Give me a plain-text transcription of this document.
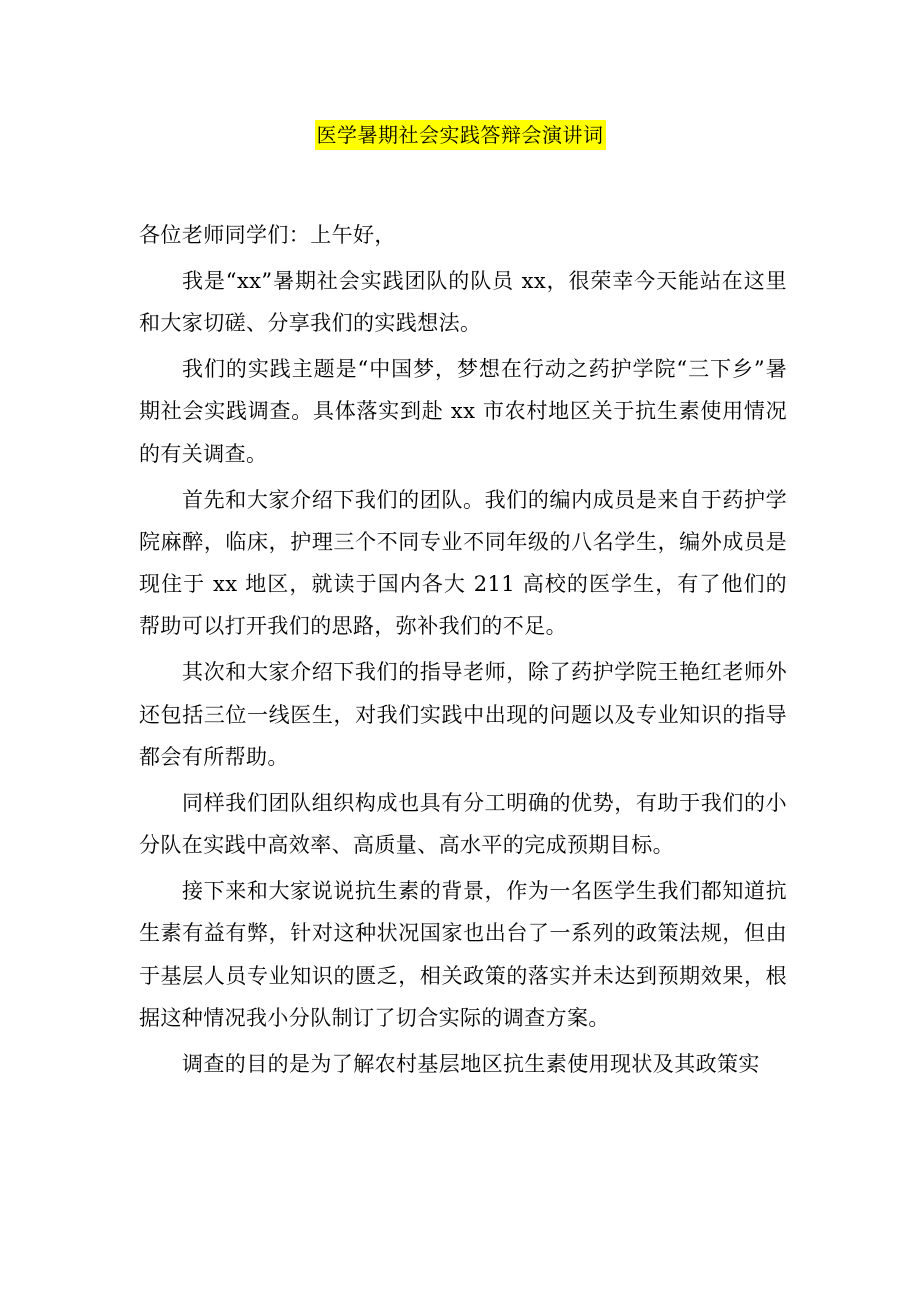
医学暑期社会实践答辩会演讲词

各位老师同学们：上午好，

我是“xx”暑期社会实践团队的队员 xx，很荣幸今天能站在这里和大家切磋、分享我们的实践想法。

我们的实践主题是“中国梦，梦想在行动之药护学院“三下乡”暑期社会实践调查。具体落实到赴 xx 市农村地区关于抗生素使用情况的有关调查。

首先和大家介绍下我们的团队。我们的编内成员是来自于药护学院麻醉，临床，护理三个不同专业不同年级的八名学生，编外成员是现住于 xx 地区，就读于国内各大 211 高校的医学生，有了他们的帮助可以打开我们的思路，弥补我们的不足。

其次和大家介绍下我们的指导老师，除了药护学院王艳红老师外还包括三位一线医生，对我们实践中出现的问题以及专业知识的指导都会有所帮助。

同样我们团队组织构成也具有分工明确的优势，有助于我们的小分队在实践中高效率、高质量、高水平的完成预期目标。

接下来和大家说说抗生素的背景，作为一名医学生我们都知道抗生素有益有弊，针对这种状况国家也出台了一系列的政策法规，但由于基层人员专业知识的匮乏，相关政策的落实并未达到预期效果，根据这种情况我小分队制订了切合实际的调查方案。

调查的目的是为了解农村基层地区抗生素使用现状及其政策实
